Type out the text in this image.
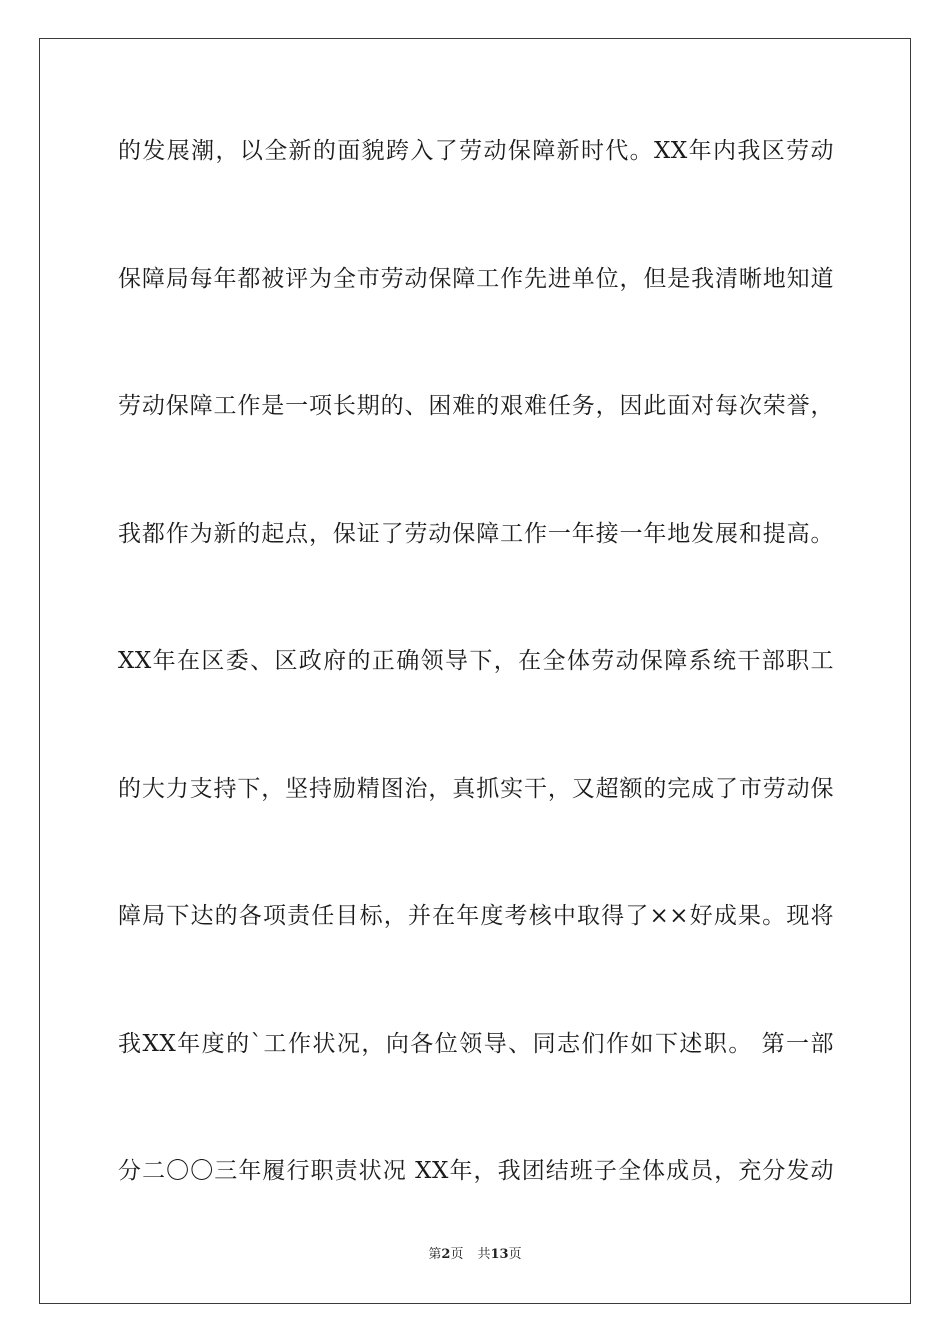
的发展潮，以全新的面貌跨入了劳动保障新时代。XX年内我区劳动
保障局每年都被评为全市劳动保障工作先进单位，但是我清晰地知道
劳动保障工作是一项长期的、困难的艰难任务，因此面对每次荣誉，
我都作为新的起点，保证了劳动保障工作一年接一年地发展和提高。
XX年在区委、区政府的正确领导下，在全体劳动保障系统干部职工
的大力支持下，坚持励精图治，真抓实干，又超额的完成了市劳动保
障局下达的各项责任目标，并在年度考核中取得了××好成果。现将
我XX年度的`工作状况，向各位领导、同志们作如下述职。 第一部
分二〇〇三年履行职责状况 XX年，我团结班子全体成员，充分发动
第2页 共13页
